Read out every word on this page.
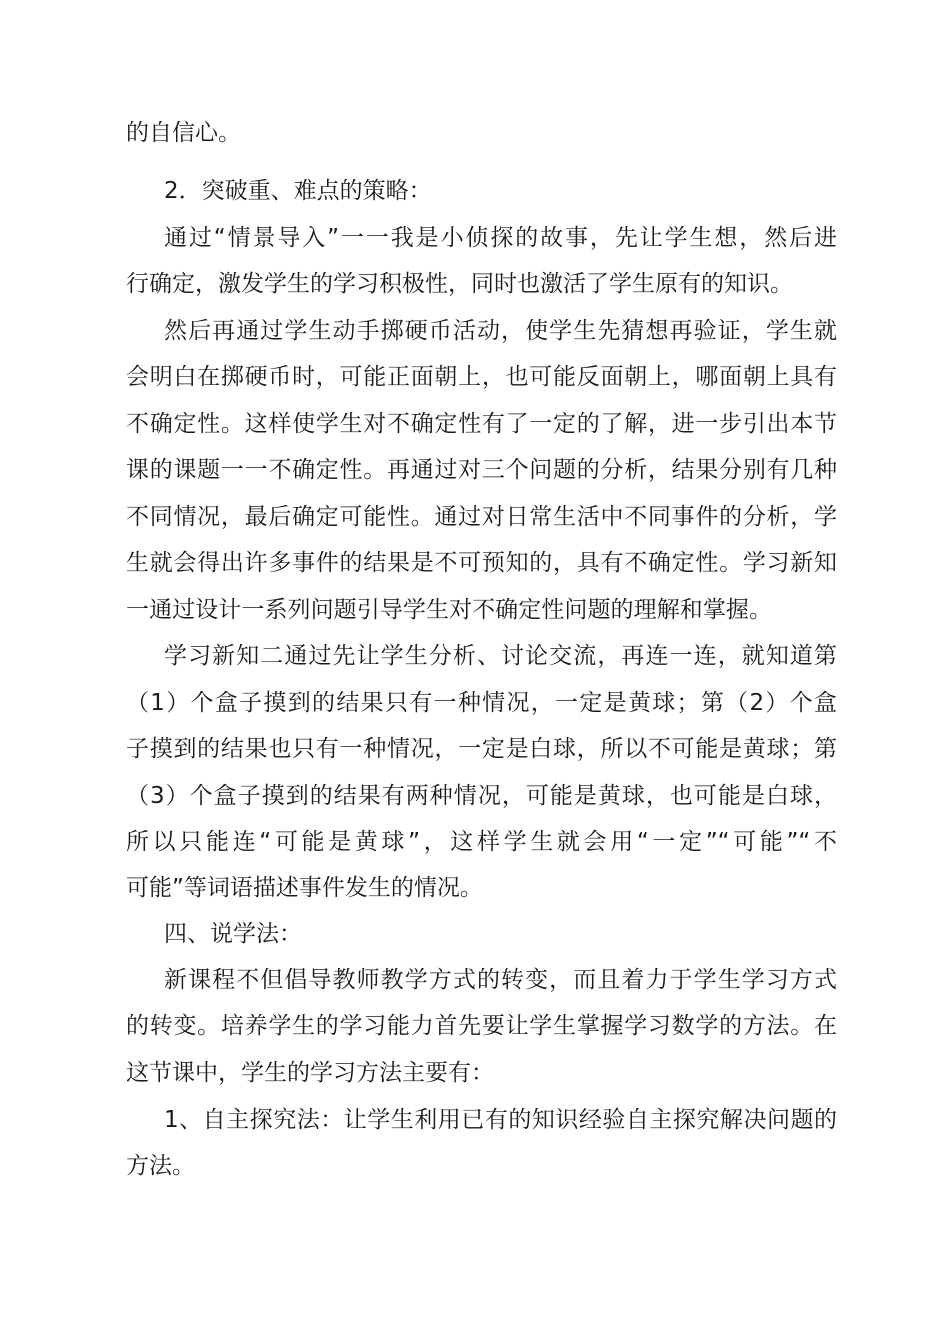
的自信心。
2．突破重、难点的策略：
通过“情景导入”一一我是小侦探的故事，先让学生想，然后进
行确定，激发学生的学习积极性，同时也激活了学生原有的知识。
然后再通过学生动手掷硬币活动，使学生先猜想再验证，学生就
会明白在掷硬币时，可能正面朝上，也可能反面朝上，哪面朝上具有
不确定性。这样使学生对不确定性有了一定的了解，进一步引出本节
课的课题一一不确定性。再通过对三个问题的分析，结果分别有几种
不同情况，最后确定可能性。通过对日常生活中不同事件的分析，学
生就会得出许多事件的结果是不可预知的，具有不确定性。学习新知
一通过设计一系列问题引导学生对不确定性问题的理解和掌握。
学习新知二通过先让学生分析、讨论交流，再连一连，就知道第
（1）个盒子摸到的结果只有一种情况，一定是黄球；第（2）个盒
子摸到的结果也只有一种情况，一定是白球，所以不可能是黄球；第
（3）个盒子摸到的结果有两种情况，可能是黄球，也可能是白球，
所以只能连“可能是黄球”，这样学生就会用“一定”“可能”“不
可能”等词语描述事件发生的情况。
四、说学法：
新课程不但倡导教师教学方式的转变，而且着力于学生学习方式
的转变。培养学生的学习能力首先要让学生掌握学习数学的方法。在
这节课中，学生的学习方法主要有：
1、自主探究法：让学生利用已有的知识经验自主探究解决问题的
方法。
